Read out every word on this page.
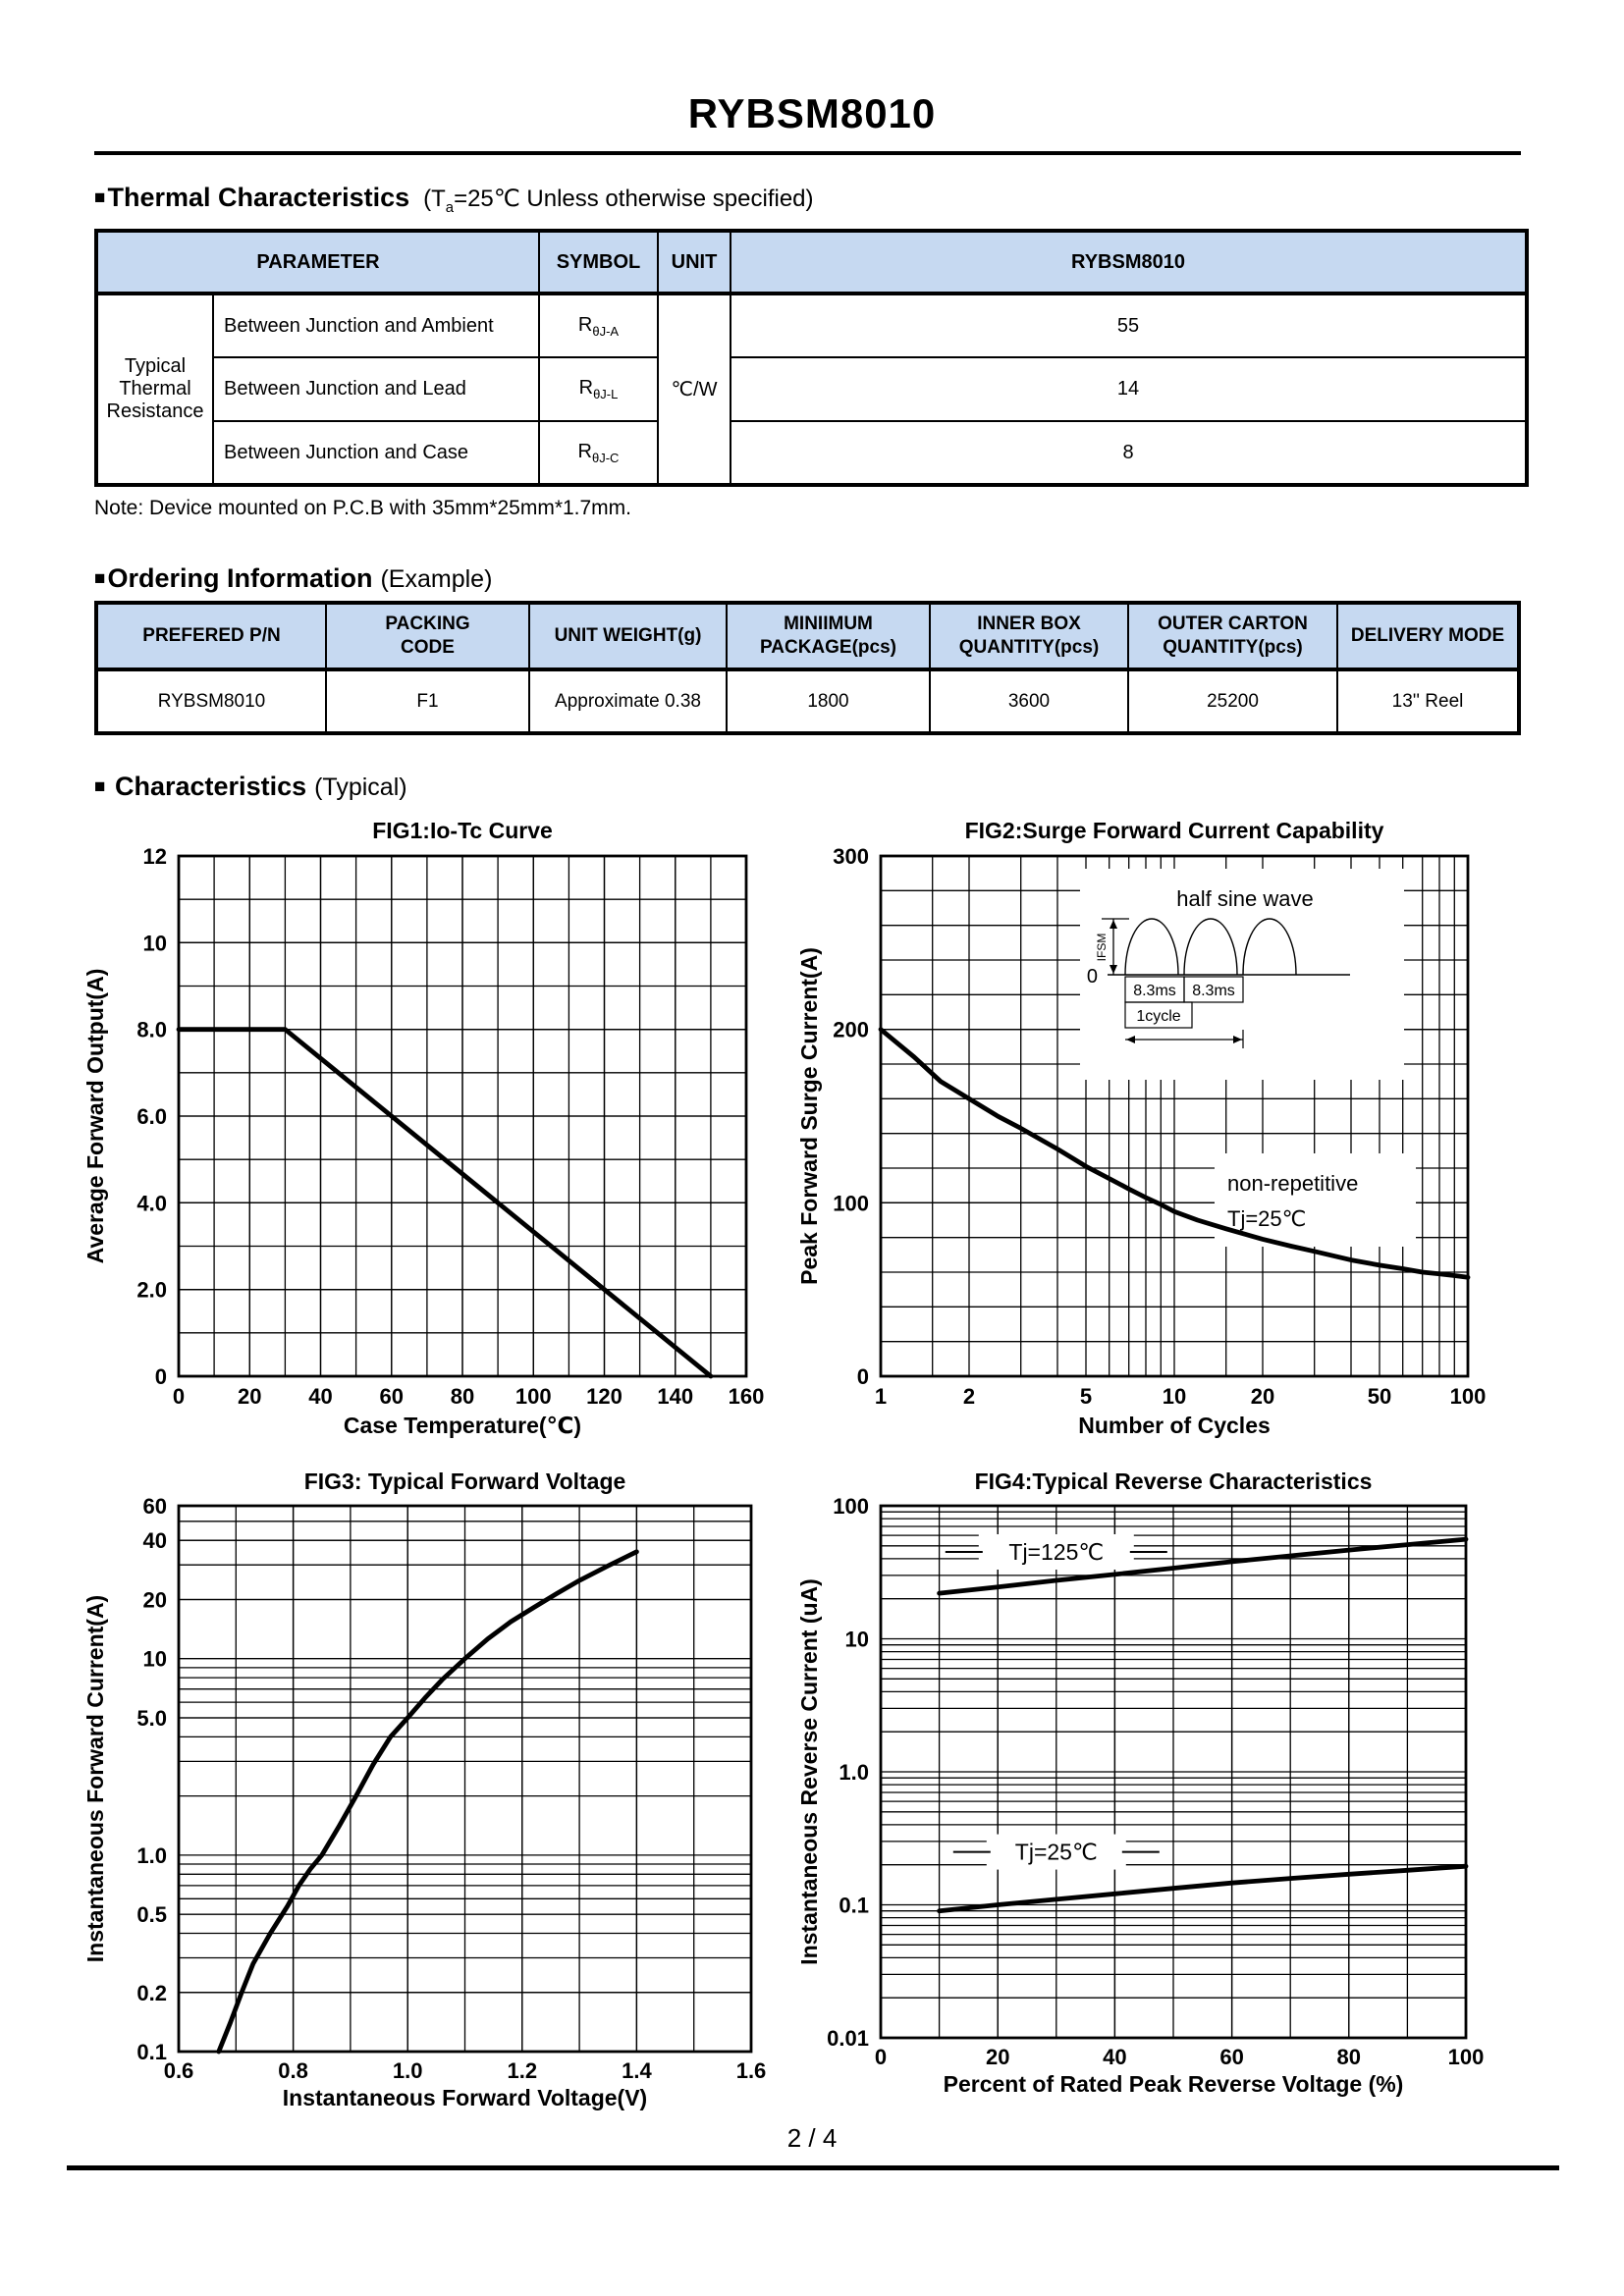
RYBSM8010
■Thermal Characteristics ($T_a=25℃$ Unless otherwise specified)
PARAMETER		SYMBOL	UNIT	RYBSM8010
Typical Thermal Resistance	Between Junction and Ambient	$R_{\theta J-A}$	℃/W	55
	Between Junction and Lead	$R_{\theta J-L}$		14
	Between Junction and Case	$R_{\theta J-C}$		8
Note: Device mounted on P.C.B with 35mm*25mm*1.7mm.
■Ordering Information (Example)
PREFERED P/N	PACKING CODE	UNIT WEIGHT(g)	MINIIMUM PACKAGE(pcs)	INNER BOX QUANTITY(pcs)	OUTER CARTON QUANTITY(pcs)	DELIVERY MODE
RYBSM8010	F1	Approximate 0.38	1800	3600	25200	13'' Reel
■ Characteristics (Typical)
0 20 40 60 80 100 120 140 160
0
2.0
4.0
6.0
8.0
10
12
FIG1:Io-Tc Curve
Case Temperature(℃)
Average Forward Output(A)
half sine wave
0
IFSM
8.3ms 8.3ms
1cycle
non-repetitive
Tj=25℃
1	2	5	10	20	50	100
0
100
200
300
FIG2:Surge Forward Current Capability
Number of Cycles
Peak Forward Surge Current(A)
0.6	0.8	1.0	1.2	1.4	1.6
0.1
0.2
0.5
1.0
5.0
10
20
40
60
FIG3: Typical Forward Voltage
Instantaneous Forward Voltage(V)
Instantaneous Forward Current(A)
Tj=125℃
Tj=25℃
0	20	40	60	80	100
0.01
0.1
1.0
10
100
FIG4:Typical Reverse Characteristics
Percent of Rated Peak Reverse Voltage (%)
Instantaneous Reverse Current (uA)
2 / 4
